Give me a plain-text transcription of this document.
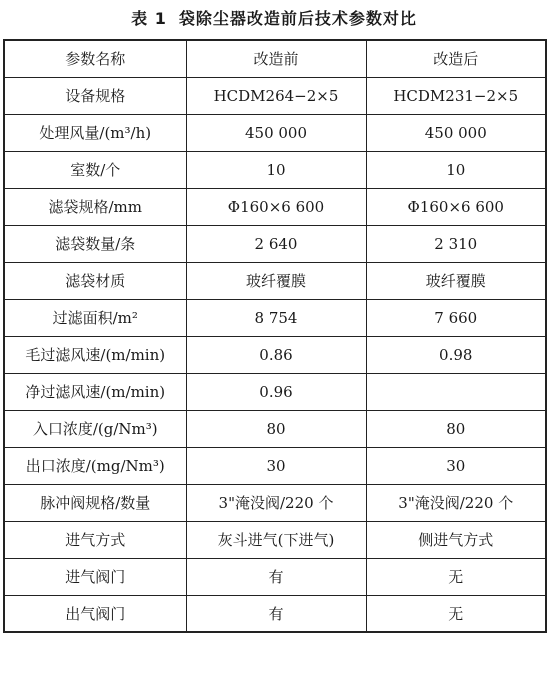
表 1 袋除尘器改造前后技术参数对比
参数名称	改造前	改造后
设备规格	HCDM264−2×5	HCDM231−2×5
处理风量/(m³/h)	450 000	450 000
室数/个	10	10
滤袋规格/mm	Φ160×6 600	Φ160×6 600
滤袋数量/条	2 640	2 310
滤袋材质	玻纤覆膜	玻纤覆膜
过滤面积/m²	8 754	7 660
毛过滤风速/(m/min)	0.86	0.98
净过滤风速/(m/min)	0.96	
入口浓度/(g/Nm³)	80	80
出口浓度/(mg/Nm³)	30	30
脉冲阀规格/数量	3"淹没阀/220 个	3"淹没阀/220 个
进气方式	灰斗进气(下进气)	侧进气方式
进气阀门	有	无
出气阀门	有	无
